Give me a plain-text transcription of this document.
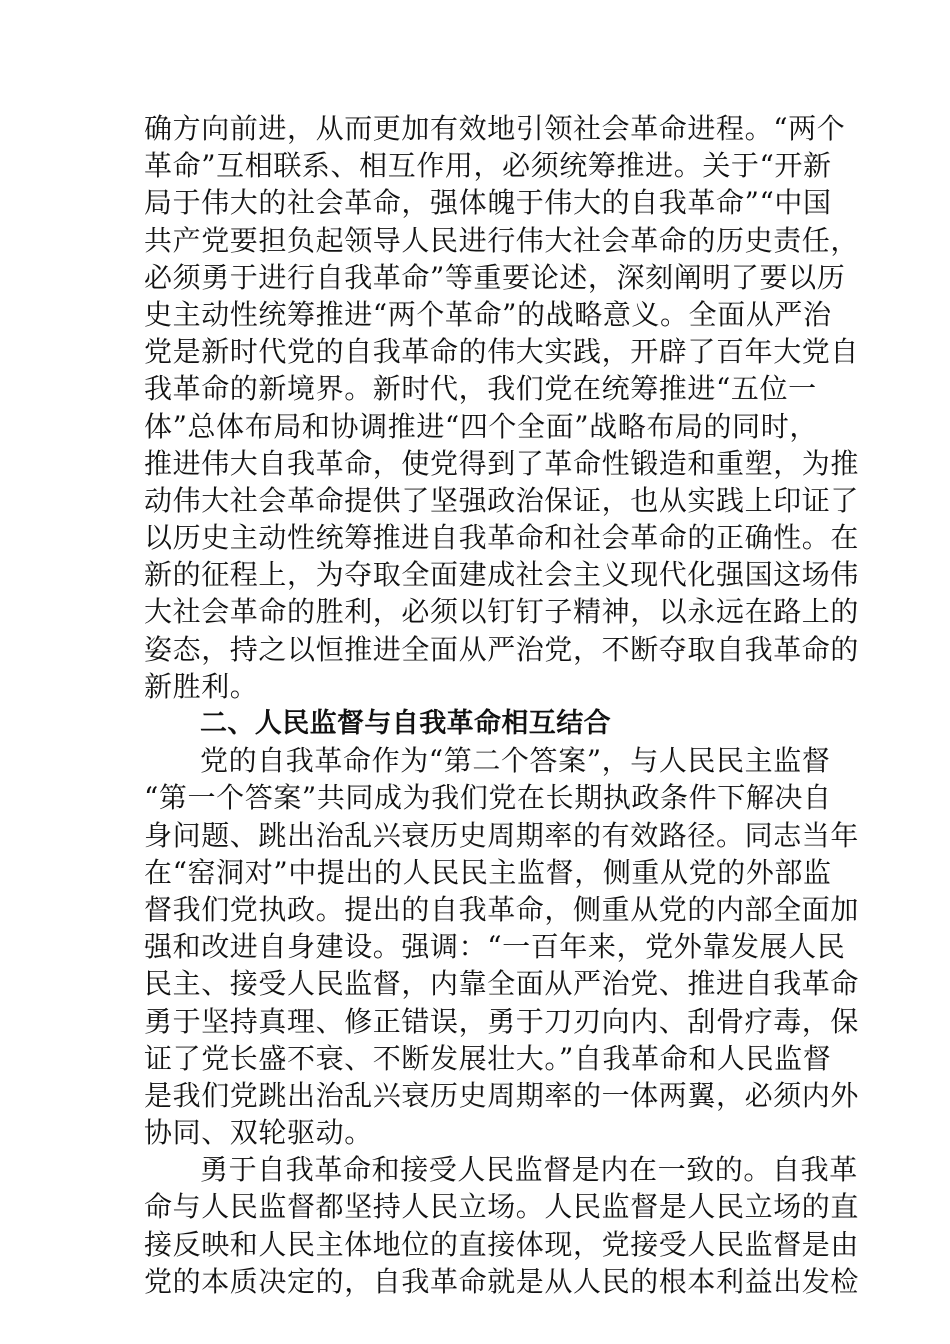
确方向前进，从而更加有效地引领社会革命进程。“两个
革命”互相联系、相互作用，必须统筹推进。关于“开新
局于伟大的社会革命，强体魄于伟大的自我革命”“中国
共产党要担负起领导人民进行伟大社会革命的历史责任，
必须勇于进行自我革命”等重要论述，深刻阐明了要以历
史主动性统筹推进“两个革命”的战略意义。全面从严治
党是新时代党的自我革命的伟大实践，开辟了百年大党自
我革命的新境界。新时代，我们党在统筹推进“五位一
体”总体布局和协调推进“四个全面”战略布局的同时，
推进伟大自我革命，使党得到了革命性锻造和重塑，为推
动伟大社会革命提供了坚强政治保证，也从实践上印证了
以历史主动性统筹推进自我革命和社会革命的正确性。在
新的征程上，为夺取全面建成社会主义现代化强国这场伟
大社会革命的胜利，必须以钉钉子精神，以永远在路上的
姿态，持之以恒推进全面从严治党，不断夺取自我革命的
新胜利。
二、人民监督与自我革命相互结合
党的自我革命作为“第二个答案”，与人民民主监督
“第一个答案”共同成为我们党在长期执政条件下解决自
身问题、跳出治乱兴衰历史周期率的有效路径。同志当年
在“窑洞对”中提出的人民民主监督，侧重从党的外部监
督我们党执政。提出的自我革命，侧重从党的内部全面加
强和改进自身建设。强调：“一百年来，党外靠发展人民
民主、接受人民监督，内靠全面从严治党、推进自我革命
勇于坚持真理、修正错误，勇于刀刃向内、刮骨疗毒，保
证了党长盛不衰、不断发展壮大。”自我革命和人民监督
是我们党跳出治乱兴衰历史周期率的一体两翼，必须内外
协同、双轮驱动。
勇于自我革命和接受人民监督是内在一致的。自我革
命与人民监督都坚持人民立场。人民监督是人民立场的直
接反映和人民主体地位的直接体现，党接受人民监督是由
党的本质决定的，自我革命就是从人民的根本利益出发检
